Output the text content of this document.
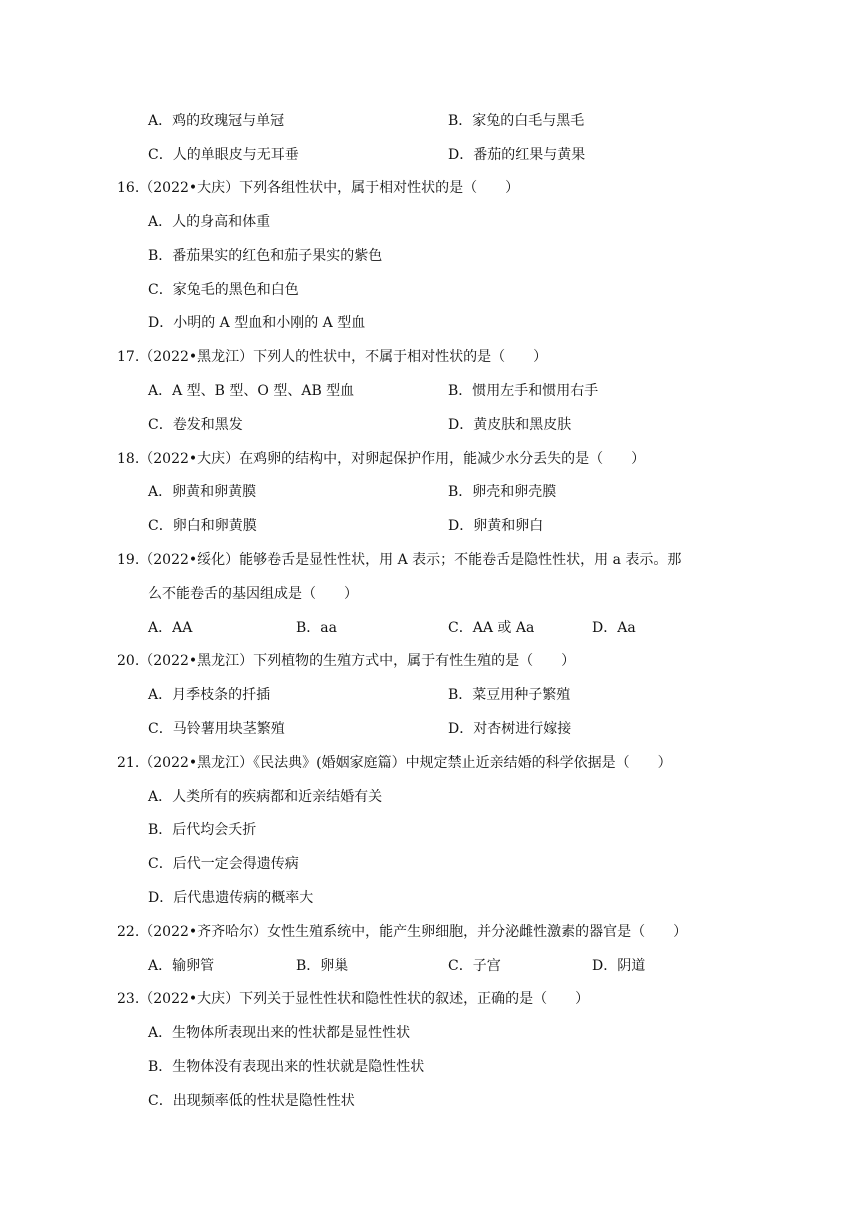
A．鸡的玫瑰冠与单冠	B．家兔的白毛与黑毛
C．人的单眼皮与无耳垂	D．番茄的红果与黄果
16.（2022•大庆）下列各组性状中，属于相对性状的是（　　）
A．人的身高和体重
B．番茄果实的红色和茄子果实的紫色
C．家兔毛的黑色和白色
D．小明的 A 型血和小刚的 A 型血
17.（2022•黑龙江）下列人的性状中，不属于相对性状的是（　　）
A．A 型、B 型、O 型、AB 型血	B．惯用左手和惯用右手
C．卷发和黑发	D．黄皮肤和黑皮肤
18.（2022•大庆）在鸡卵的结构中，对卵起保护作用，能减少水分丢失的是（　　）
A．卵黄和卵黄膜	B．卵壳和卵壳膜
C．卵白和卵黄膜	D．卵黄和卵白
19.（2022•绥化）能够卷舌是显性性状，用 A 表示；不能卷舌是隐性性状，用 a 表示。那
么不能卷舌的基因组成是（　　）
A．AA	B．aa	C．AA 或 Aa	D．Aa
20.（2022•黑龙江）下列植物的生殖方式中，属于有性生殖的是（　　）
A．月季枝条的扦插	B．菜豆用种子繁殖
C．马铃薯用块茎繁殖	D．对杏树进行嫁接
21.（2022•黑龙江）《民法典》(婚姻家庭篇）中规定禁止近亲结婚的科学依据是（　　）
A．人类所有的疾病都和近亲结婚有关
B．后代均会夭折
C．后代一定会得遗传病
D．后代患遗传病的概率大
22.（2022•齐齐哈尔）女性生殖系统中，能产生卵细胞，并分泌雌性激素的器官是（　　）
A．输卵管	B．卵巢	C．子宫	D．阴道
23.（2022•大庆）下列关于显性性状和隐性性状的叙述，正确的是（　　）
A．生物体所表现出来的性状都是显性性状
B．生物体没有表现出来的性状就是隐性性状
C．出现频率低的性状是隐性性状
